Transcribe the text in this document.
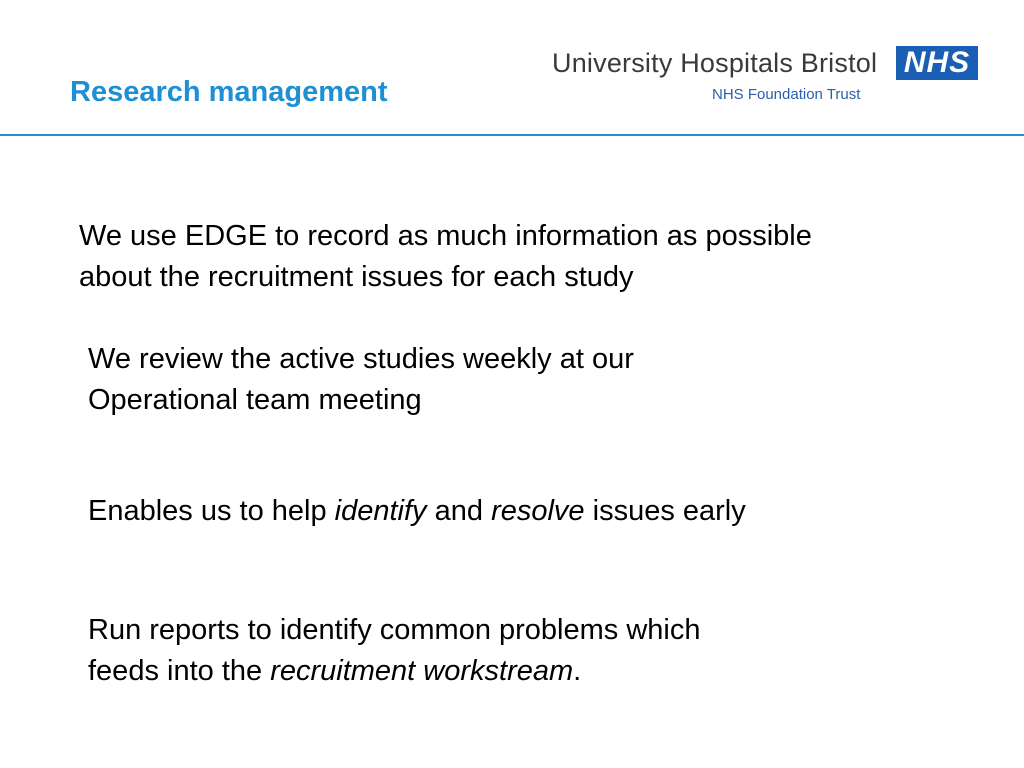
Research management
University Hospitals Bristol
NHS Foundation Trust
NHS

We use EDGE to record as much information as possible
about the recruitment issues for each study

We review the active studies weekly at our
Operational team meeting

Enables us to help identify and resolve issues early

Run reports to identify common problems which
feeds into the recruitment workstream.
